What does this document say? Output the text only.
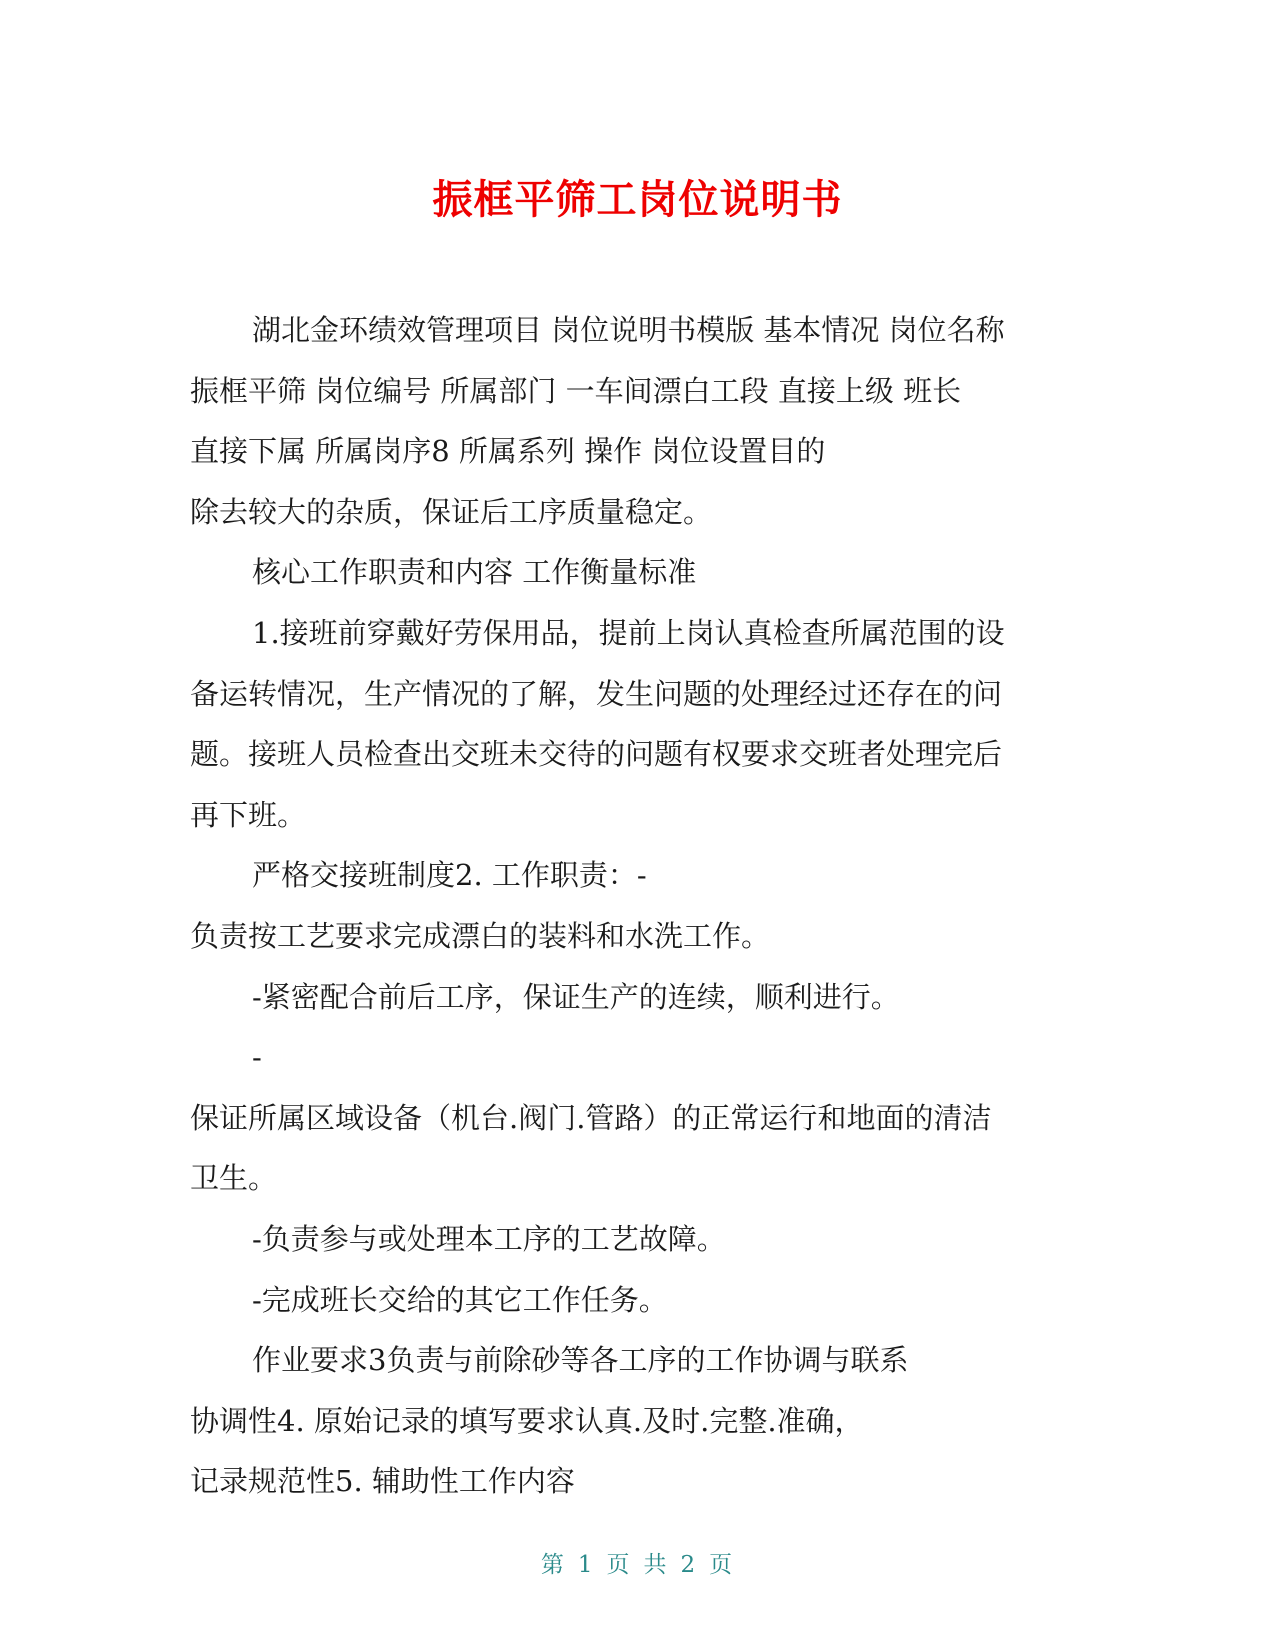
振框平筛工岗位说明书
湖北金环绩效管理项目 岗位说明书模版 基本情况 岗位名称
振框平筛 岗位编号 所属部门 一车间漂白工段 直接上级 班长
直接下属 所属岗序8 所属系列 操作 岗位设置目的
除去较大的杂质，保证后工序质量稳定。
核心工作职责和内容 工作衡量标准
1.接班前穿戴好劳保用品，提前上岗认真检查所属范围的设
备运转情况，生产情况的了解，发生问题的处理经过还存在的问
题。接班人员检查出交班未交待的问题有权要求交班者处理完后
再下班。
严格交接班制度2. 工作职责：-
负责按工艺要求完成漂白的装料和水洗工作。
-紧密配合前后工序，保证生产的连续，顺利进行。
-
保证所属区域设备（机台.阀门.管路）的正常运行和地面的清洁
卫生。
-负责参与或处理本工序的工艺故障。
-完成班长交给的其它工作任务。
作业要求3负责与前除砂等各工序的工作协调与联系
协调性4. 原始记录的填写要求认真.及时.完整.准确，
记录规范性5. 辅助性工作内容
第 1 页 共 2 页
